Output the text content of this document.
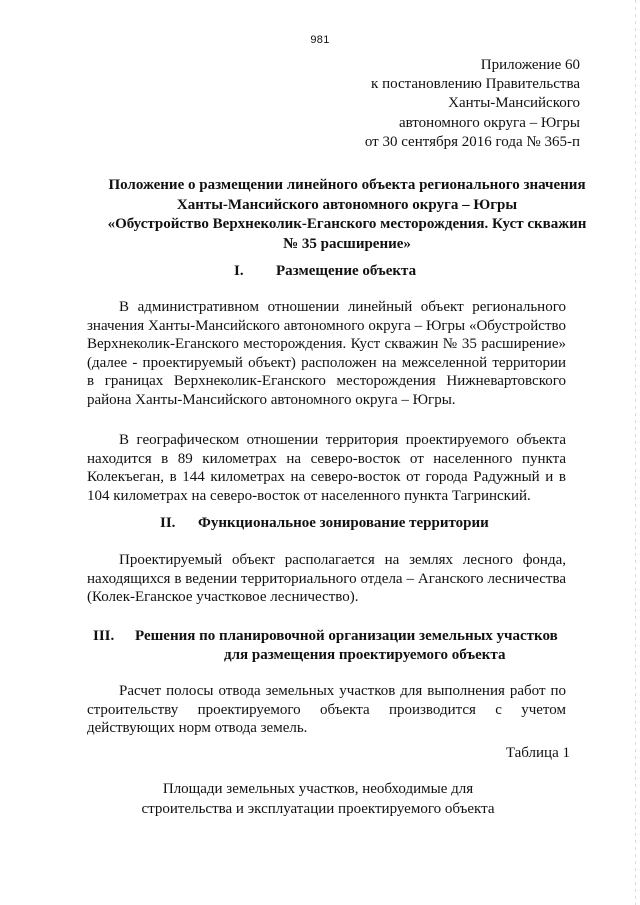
981
Приложение 60
к постановлению Правительства
Ханты-Мансийского
автономного округа – Югры
от 30 сентября 2016 года № 365-п
Положение о размещении линейного объекта регионального значения
Ханты-Мансийского автономного округа – Югры
«Обустройство Верхнеколик-Еганского месторождения. Куст скважин
№ 35 расширение»
I. Размещение объекта

В административном отношении линейный объект регионального значения Ханты-Мансийского автономного округа – Югры «Обустройство Верхнеколик-Еганского месторождения. Куст скважин № 35 расширение» (далее - проектируемый объект) расположен на межселенной территории в границах Верхнеколик-Еганского месторождения Нижневартовского района Ханты-Мансийского автономного округа – Югры.

В географическом отношении территория проектируемого объекта находится в 89 километрах на северо-восток от населенного пункта Колекъеган, в 144 километрах на северо-восток от города Радужный и в 104 километрах на северо-восток от населенного пункта Тагринский.

II. Функциональное зонирование территории

Проектируемый объект располагается на землях лесного фонда, находящихся в ведении территориального отдела – Аганского лесничества (Колек-Еганское участковое лесничество).

III. Решения по планировочной организации земельных участков
для размещения проектируемого объекта

Расчет полосы отвода земельных участков для выполнения работ по строительству проектируемого объекта производится с учетом действующих норм отвода земель.

Таблица 1
Площади земельных участков, необходимые для
строительства и эксплуатации проектируемого объекта
